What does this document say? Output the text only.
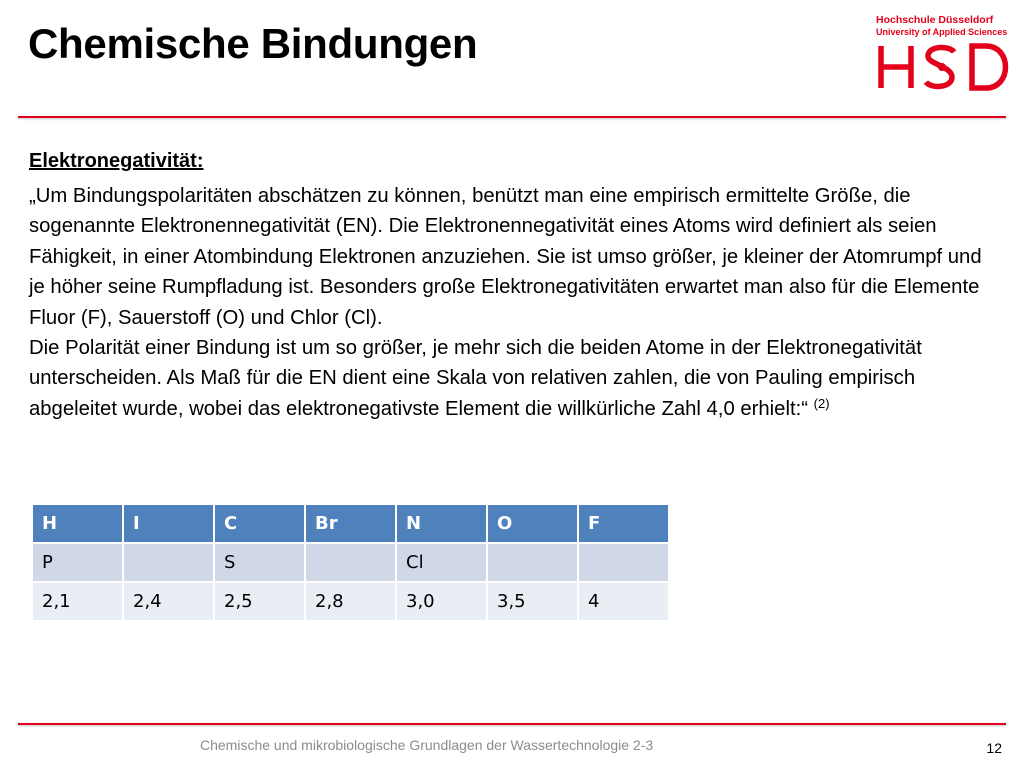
Chemische Bindungen	Hochschule Düsseldorf
University of Applied Sciences
Elektronegativität:

„Um Bindungspolaritäten abschätzen zu können, benützt man eine empirisch ermittelte Größe, die sogenannte Elektronennegativität (EN). Die Elektronennegativität eines Atoms wird definiert als seien Fähigkeit, in einer Atombindung Elektronen anzuziehen. Sie ist umso größer, je kleiner der Atomrumpf und je höher seine Rumpfladung ist. Besonders große Elektronegativitäten erwartet man also für die Elemente Fluor (F), Sauerstoff (O) und Chlor (Cl).

Die Polarität einer Bindung ist um so größer, je mehr sich die beiden Atome in der Elektronegativität unterscheiden. Als Maß für die EN dient eine Skala von relativen zahlen, die von Pauling empirisch abgeleitet wurde, wobei das elektronegativste Element die willkürliche Zahl 4,0 erhielt:“ $^{(2)}$

H	I	C	Br	N	O	F
P		S		Cl		
2,1	2,4	2,5	2,8	3,0	3,5	4
Chemische und mikrobiologische Grundlagen der Wassertechnologie 2-3	12
